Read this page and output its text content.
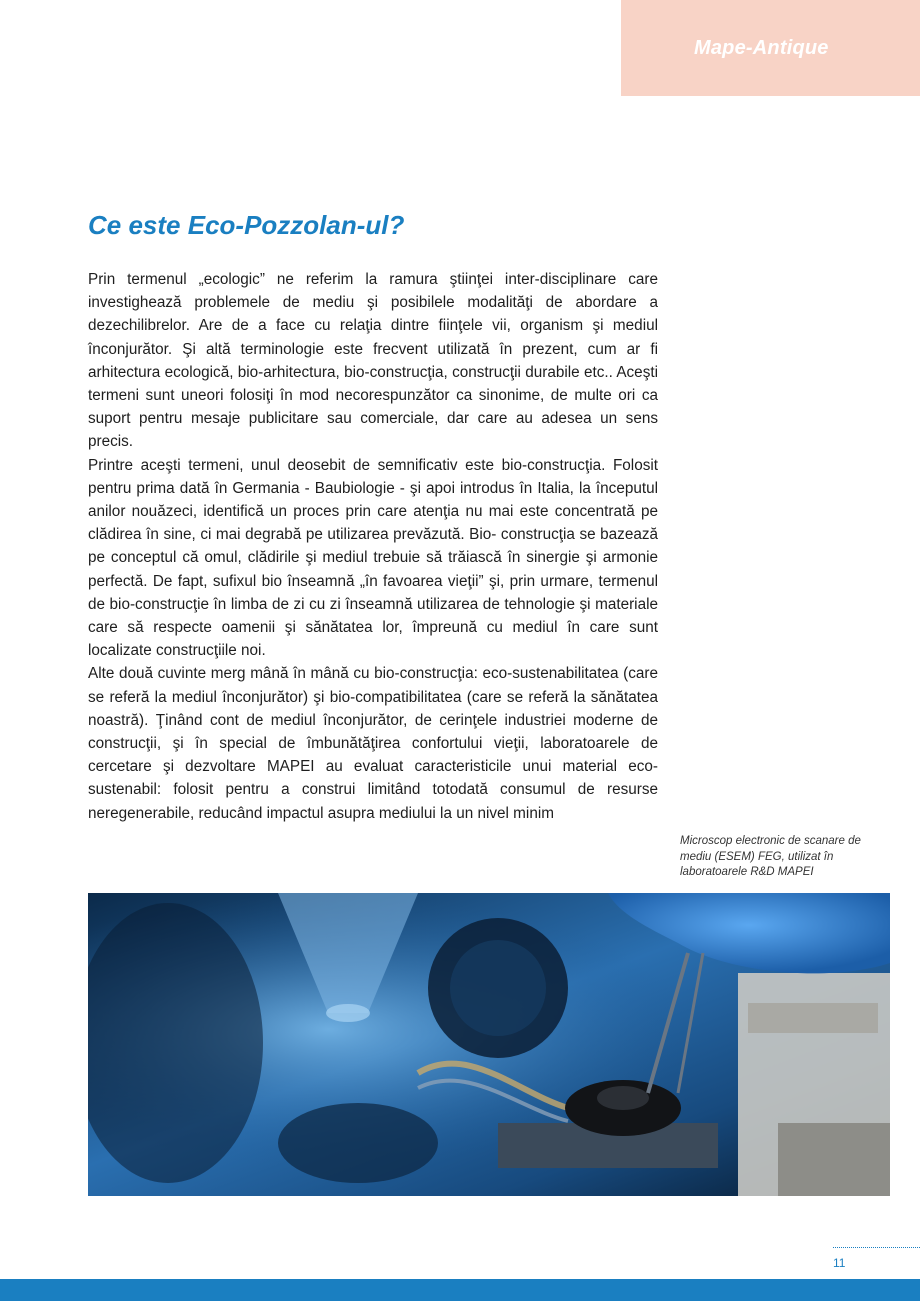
Mape-Antique
Ce este Eco-Pozzolan-ul?

Prin termenul „ecologic” ne referim la ramura ştiinţei inter-disciplinare care investighează problemele de mediu şi posibilele modalităţi de abordare a dezechilibrelor. Are de a face cu relaţia dintre fiinţele vii, organism şi mediul înconjurător. Şi altă terminologie este frecvent utilizată în prezent, cum ar fi arhitectura ecologică, bio-arhitectura, bio-construcţia, construcţii durabile etc.. Aceşti termeni sunt uneori folosiţi în mod necorespunzător ca sinonime, de multe ori ca suport pentru mesaje publicitare sau comerciale, dar care au adesea un sens precis.

Printre aceşti termeni, unul deosebit de semnificativ este bio-construcţia. Folosit pentru prima dată în Germania - Baubiologie - şi apoi introdus în Italia, la începutul anilor nouăzeci, identifică un proces prin care atenţia nu mai este concentrată pe clădirea în sine, ci mai degrabă pe utilizarea prevăzută. Bio- construcţia se bazează pe conceptul că omul, clădirile şi mediul trebuie să trăiască în sinergie şi armonie perfectă. De fapt, sufixul bio înseamnă „în favoarea vieţii” şi, prin urmare, termenul de bio-construcţie în limba de zi cu zi înseamnă utilizarea de tehnologie şi materiale care să respecte oamenii şi sănătatea lor, împreună cu mediul în care sunt localizate construcţiile noi.

Alte două cuvinte merg mână în mână cu bio-construcţia: eco-sustenabilitatea (care se referă la mediul înconjurător) şi bio-compatibilitatea (care se referă la sănătatea noastră). Ţinând cont de mediul înconjurător, de cerinţele industriei moderne de construcţii, şi în special de îmbunătăţirea confortului vieţii, laboratoarele de cercetare şi dezvoltare MAPEI au evaluat caracteristicile unui material eco-sustenabil: folosit pentru a construi limitând totodată consumul de resurse neregenerabile, reducând impactul asupra mediului la un nivel minim

Microscop electronic de scanare de mediu (ESEM) FEG, utilizat în laboratoarele R&D MAPEI
11
